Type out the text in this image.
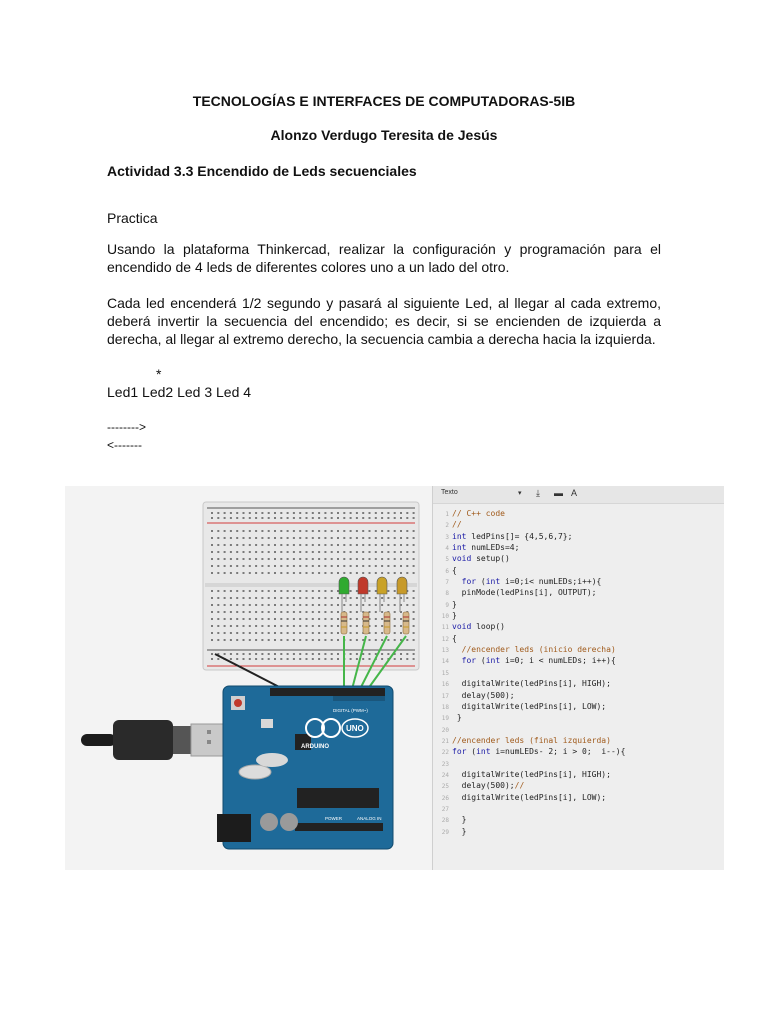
TECNOLOGÍAS E INTERFACES DE COMPUTADORAS-5IB
Alonzo Verdugo Teresita de Jesús
Actividad 3.3 Encendido de Leds secuenciales
Practica
Usando la plataforma Thinkercad, realizar la configuración y programación para el encendido de 4 leds de diferentes colores uno a un lado del otro.
Cada led encenderá 1/2 segundo y pasará al siguiente Led, al llegar al cada extremo, deberá invertir la secuencia del encendido; es decir, si se encienden de izquierda a derecha, al llegar al extremo derecho, la secuencia cambia a derecha hacia la izquierda.
*
Led1 Led2 Led 3 Led 4
-------->
<-------
ARDUINO
UNO
DIGITAL (PWM~)
POWER	ANALOG IN
Texto	▾ ⤓ ▬ A
1 // C++ code
2 //
3 int ledPins[]= {4,5,6,7};
4 int numLEDs=4;
5 void setup()
6 {
7  for (int i=0;i< numLEDs;i++){
8  pinMode(ledPins[i], OUTPUT);
9 }
10 }
11 void loop()
12 {
13  //encender leds (inicio derecha)
14  for (int i=0; i < numLEDs; i++){
15
16  digitalWrite(ledPins[i], HIGH);
17  delay(500);
18  digitalWrite(ledPins[i], LOW);
19 }
20
21 //encender leds (final izquierda)
22 for (int i=numLEDs- 2; i > 0;  i--){
23
24  digitalWrite(ledPins[i], HIGH);
25  delay(500);//
26  digitalWrite(ledPins[i], LOW);
27
28  }
29  }
